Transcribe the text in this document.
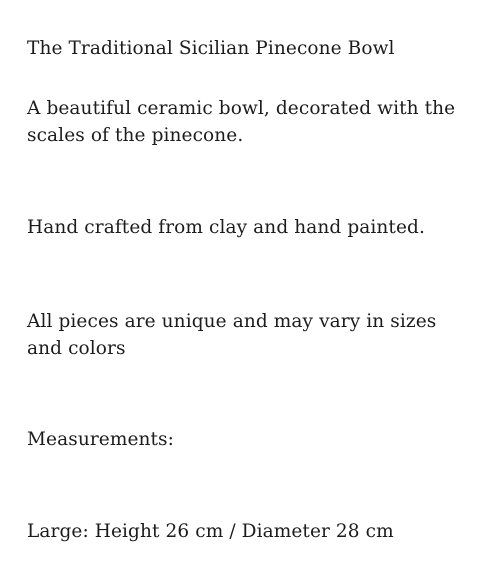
The Traditional Sicilian Pinecone Bowl

A beautiful ceramic bowl, decorated with the scales of the pinecone.

Hand crafted from clay and hand painted.

All pieces are unique and may vary in sizes and colors

Measurements:

Large: Height 26 cm / Diameter 28 cm
